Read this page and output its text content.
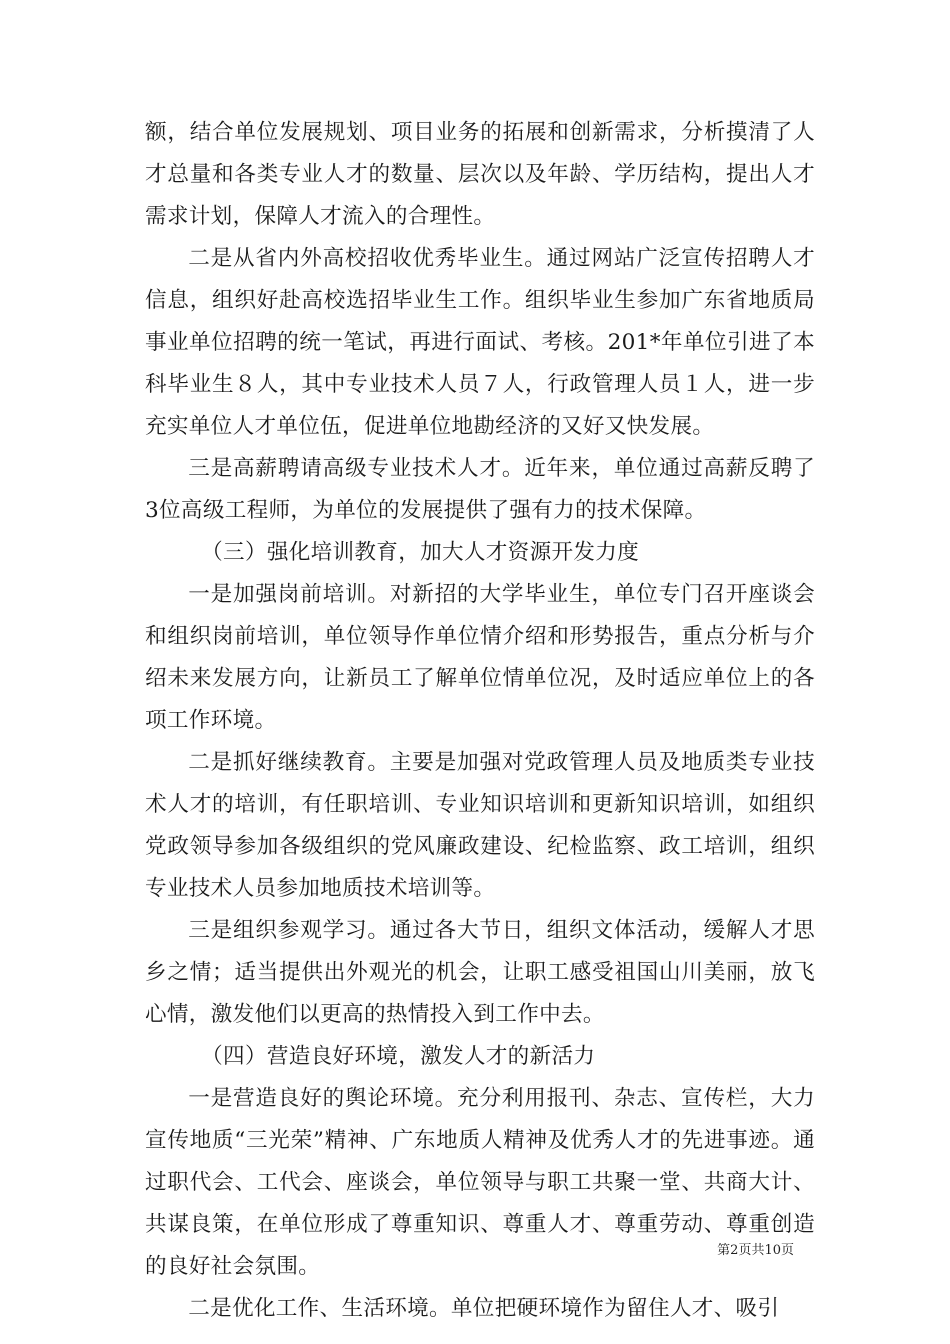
额，结合单位发展规划、项目业务的拓展和创新需求，分析摸清了人才总量和各类专业人才的数量、层次以及年龄、学历结构，提出人才需求计划，保障人才流入的合理性。

二是从省内外高校招收优秀毕业生。通过网站广泛宣传招聘人才信息，组织好赴高校选招毕业生工作。组织毕业生参加广东省地质局事业单位招聘的统一笔试，再进行面试、考核。201*年单位引进了本科毕业生８人，其中专业技术人员７人，行政管理人员１人，进一步充实单位人才单位伍，促进单位地勘经济的又好又快发展。

三是高薪聘请高级专业技术人才。近年来，单位通过高薪反聘了3位高级工程师，为单位的发展提供了强有力的技术保障。

（三）强化培训教育，加大人才资源开发力度

一是加强岗前培训。对新招的大学毕业生，单位专门召开座谈会和组织岗前培训，单位领导作单位情介绍和形势报告，重点分析与介绍未来发展方向，让新员工了解单位情单位况，及时适应单位上的各项工作环境。

二是抓好继续教育。主要是加强对党政管理人员及地质类专业技术人才的培训，有任职培训、专业知识培训和更新知识培训，如组织党政领导参加各级组织的党风廉政建设、纪检监察、政工培训，组织专业技术人员参加地质技术培训等。

三是组织参观学习。通过各大节日，组织文体活动，缓解人才思乡之情；适当提供出外观光的机会，让职工感受祖国山川美丽，放飞心情，激发他们以更高的热情投入到工作中去。

（四）营造良好环境，激发人才的新活力

一是营造良好的舆论环境。充分利用报刊、杂志、宣传栏，大力宣传地质“三光荣”精神、广东地质人精神及优秀人才的先进事迹。通过职代会、工代会、座谈会，单位领导与职工共聚一堂、共商大计、共谋良策，在单位形成了尊重知识、尊重人才、尊重劳动、尊重创造的良好社会氛围。

二是优化工作、生活环境。单位把硬环境作为留住人才、吸引

第2页共10页
